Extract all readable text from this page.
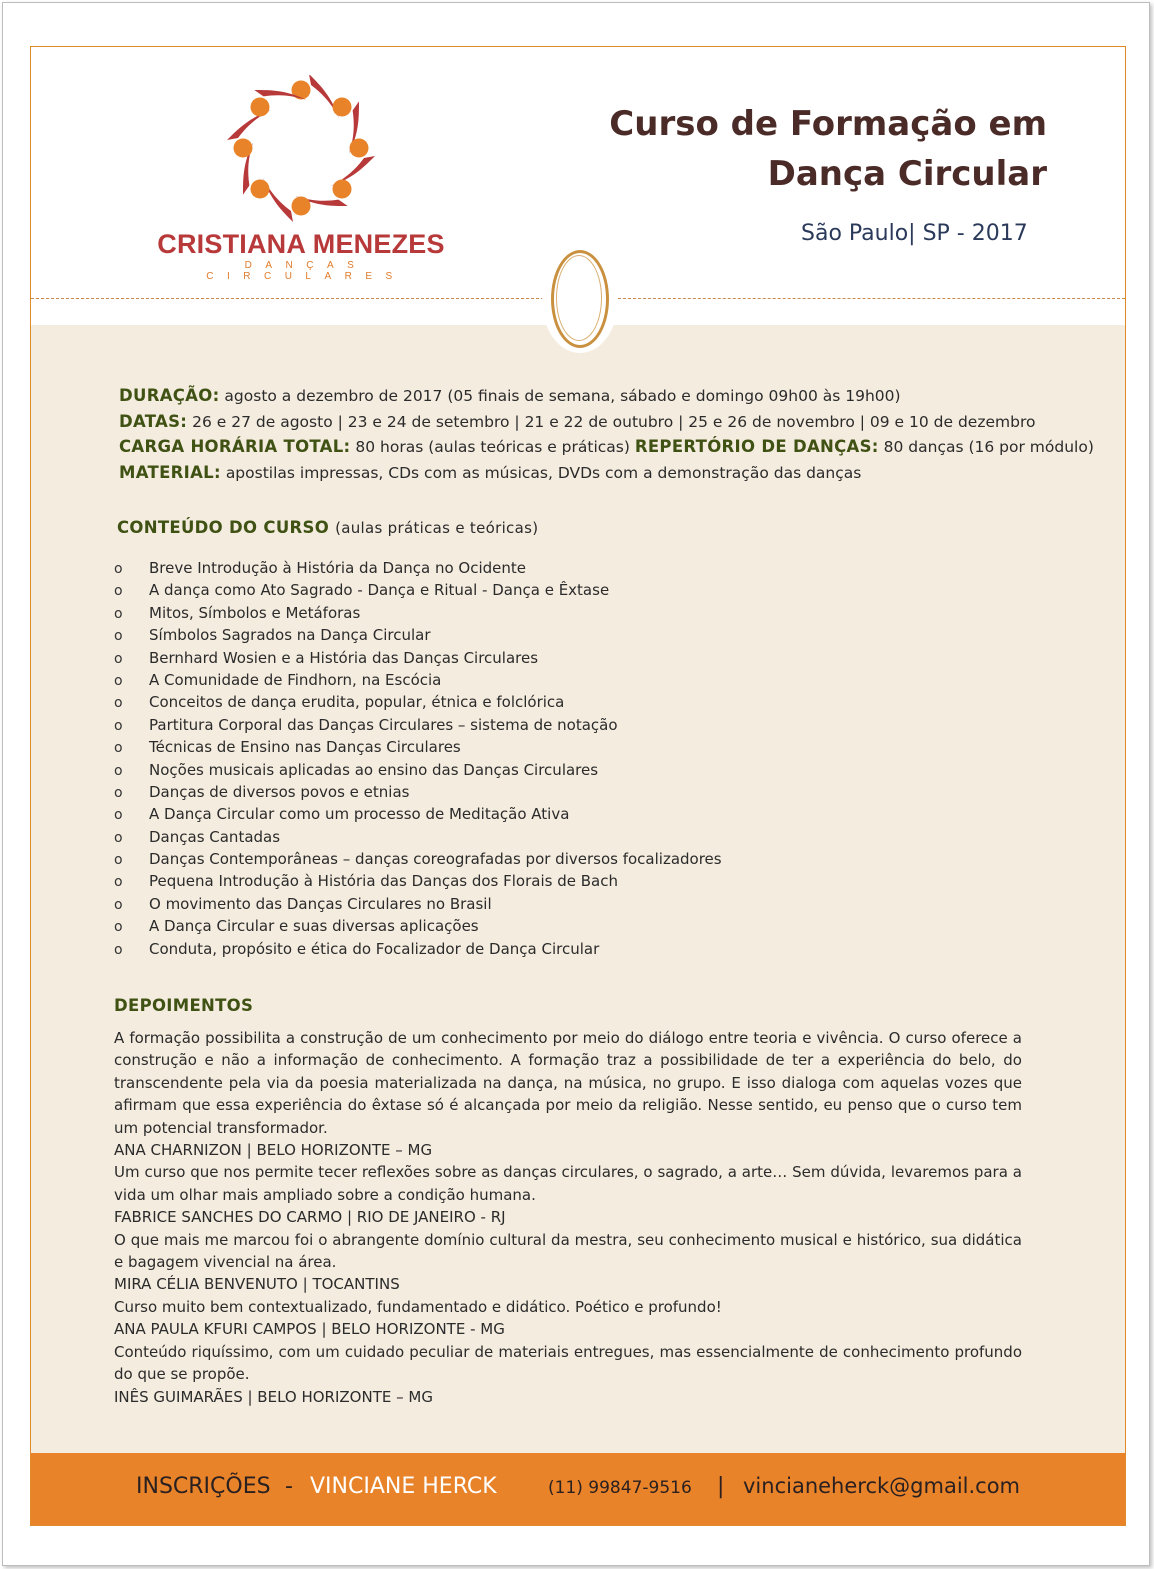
CRISTIANA MENEZES
DANÇAS CIRCULARES
Curso de Formação em
Dança Circular
São Paulo| SP - 2017
DURAÇÃO: agosto a dezembro de 2017 (05 finais de semana, sábado e domingo 09h00 às 19h00)
DATAS: 26 e 27 de agosto | 23 e 24 de setembro | 21 e 22 de outubro | 25 e 26 de novembro | 09 e 10 de dezembro
CARGA HORÁRIA TOTAL: 80 horas (aulas teóricas e práticas) REPERTÓRIO DE DANÇAS: 80 danças (16 por módulo)
MATERIAL: apostilas impressas, CDs com as músicas, DVDs com a demonstração das danças
CONTEÚDO DO CURSO (aulas práticas e teóricas)
o Breve Introdução à História da Dança no Ocidente
o A dança como Ato Sagrado - Dança e Ritual - Dança e Êxtase
o Mitos, Símbolos e Metáforas
o Símbolos Sagrados na Dança Circular
o Bernhard Wosien e a História das Danças Circulares
o A Comunidade de Findhorn, na Escócia
o Conceitos de dança erudita, popular, étnica e folclórica
o Partitura Corporal das Danças Circulares – sistema de notação
o Técnicas de Ensino nas Danças Circulares
o Noções musicais aplicadas ao ensino das Danças Circulares
o Danças de diversos povos e etnias
o A Dança Circular como um processo de Meditação Ativa
o Danças Cantadas
o Danças Contemporâneas – danças coreografadas por diversos focalizadores
o Pequena Introdução à História das Danças dos Florais de Bach
o O movimento das Danças Circulares no Brasil
o A Dança Circular e suas diversas aplicações
o Conduta, propósito e ética do Focalizador de Dança Circular
DEPOIMENTOS

A formação possibilita a construção de um conhecimento por meio do diálogo entre teoria e vivência. O curso oferece a construção e não a informação de conhecimento. A formação traz a possibilidade de ter a experiência do belo, do transcendente pela via da poesia materializada na dança, na música, no grupo. E isso dialoga com aquelas vozes que afirmam que essa experiência do êxtase só é alcançada por meio da religião. Nesse sentido, eu penso que o curso tem um potencial transformador.

ANA CHARNIZON | BELO HORIZONTE – MG

Um curso que nos permite tecer reflexões sobre as danças circulares, o sagrado, a arte… Sem dúvida, levaremos para a vida um olhar mais ampliado sobre a condição humana.

FABRICE SANCHES DO CARMO | RIO DE JANEIRO - RJ

O que mais me marcou foi o abrangente domínio cultural da mestra, seu conhecimento musical e histórico, sua didática e bagagem vivencial na área.

MIRA CÉLIA BENVENUTO | TOCANTINS

Curso muito bem contextualizado, fundamentado e didático. Poético e profundo!

ANA PAULA KFURI CAMPOS | BELO HORIZONTE - MG

Conteúdo riquíssimo, com um cuidado peculiar de materiais entregues, mas essencialmente de conhecimento profundo do que se propõe.

INÊS GUIMARÃES | BELO HORIZONTE – MG

INSCRIÇÕES - VINCIANE HERCK	(11) 99847-9516 | vincianeherck@gmail.com
